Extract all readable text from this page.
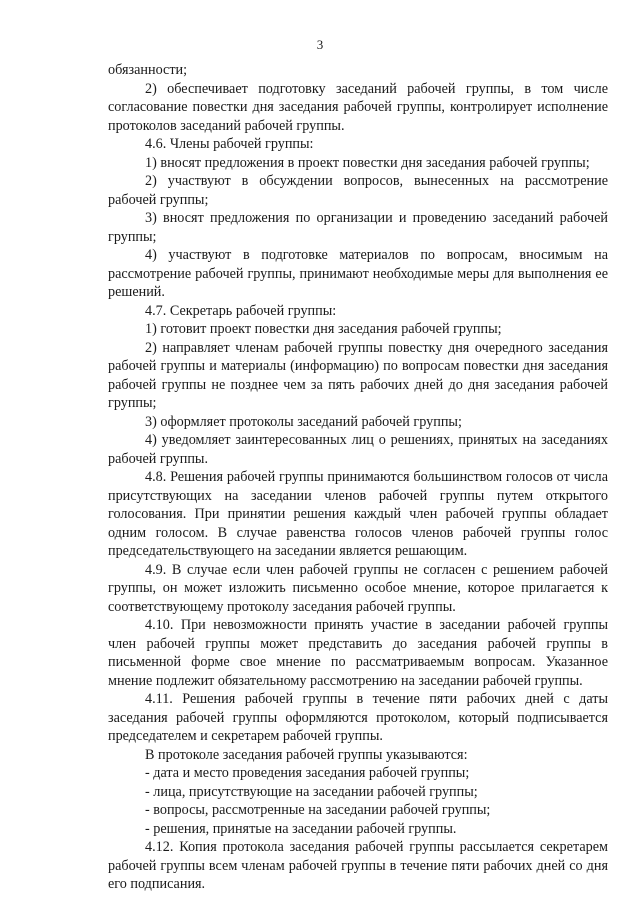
3

обязанности;

2) обеспечивает подготовку заседаний рабочей группы, в том числе согласование повестки дня заседания рабочей группы, контролирует исполнение протоколов заседаний рабочей группы.

4.6. Члены рабочей группы:

1) вносят предложения в проект повестки дня заседания рабочей группы;

2) участвуют в обсуждении вопросов, вынесенных на рассмотрение рабочей группы;

3) вносят предложения по организации и проведению заседаний рабочей группы;

4) участвуют в подготовке материалов по вопросам, вносимым на рассмотрение рабочей группы, принимают необходимые меры для выполнения ее решений.

4.7. Секретарь рабочей группы:

1) готовит проект повестки дня заседания рабочей группы;

2) направляет членам рабочей группы повестку дня очередного заседания рабочей группы и материалы (информацию) по вопросам повестки дня заседания рабочей группы не позднее чем за пять рабочих дней до дня заседания рабочей группы;

3) оформляет протоколы заседаний рабочей группы;

4) уведомляет заинтересованных лиц о решениях, принятых на заседаниях рабочей группы.

4.8. Решения рабочей группы принимаются большинством голосов от числа присутствующих на заседании членов рабочей группы путем открытого голосования. При принятии решения каждый член рабочей группы обладает одним голосом. В случае равенства голосов членов рабочей группы голос председательствующего на заседании является решающим.

4.9. В случае если член рабочей группы не согласен с решением рабочей группы, он может изложить письменно особое мнение, которое прилагается к соответствующему протоколу заседания рабочей группы.

4.10. При невозможности принять участие в заседании рабочей группы член рабочей группы может представить до заседания рабочей группы в письменной форме свое мнение по рассматриваемым вопросам. Указанное мнение подлежит обязательному рассмотрению на заседании рабочей группы.

4.11. Решения рабочей группы в течение пяти рабочих дней с даты заседания рабочей группы оформляются протоколом, который подписывается председателем и секретарем рабочей группы.

В протоколе заседания рабочей группы указываются:

- дата и место проведения заседания рабочей группы;

- лица, присутствующие на заседании рабочей группы;

- вопросы, рассмотренные на заседании рабочей группы;

- решения, принятые на заседании рабочей группы.

4.12. Копия протокола заседания рабочей группы рассылается секретарем рабочей группы всем членам рабочей группы в течение пяти рабочих дней со дня его подписания.
